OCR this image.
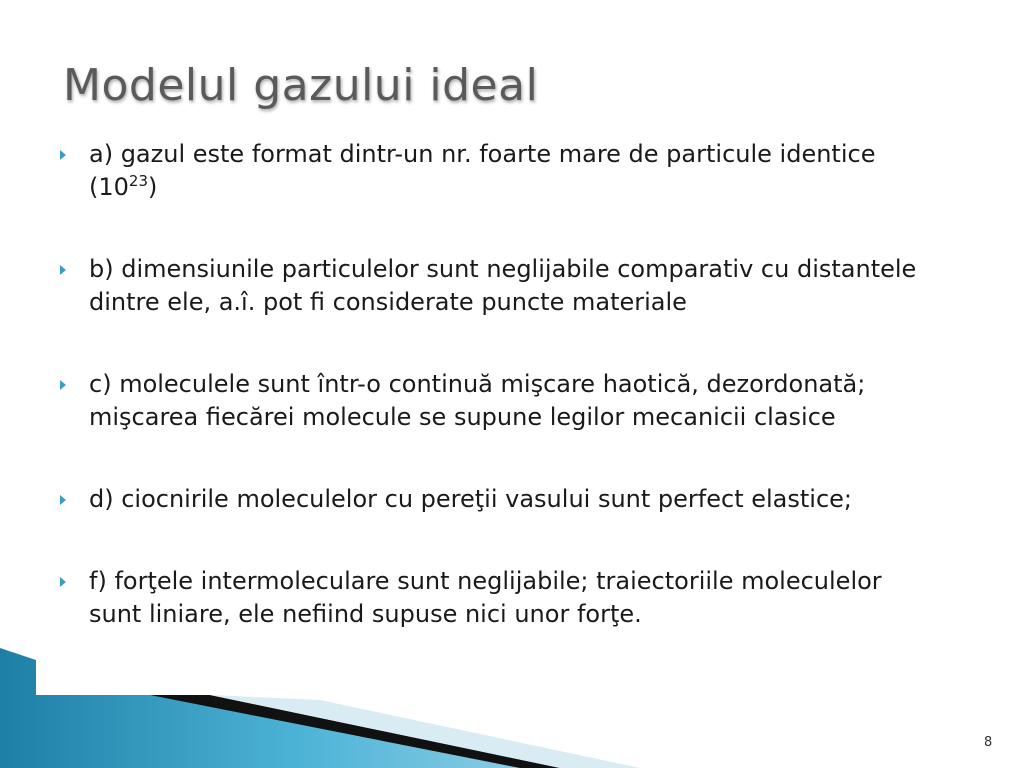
Modelul gazului ideal
a) gazul este format dintr-un nr. foarte mare de particule identice $(10^{23})$
b) dimensiunile particulelor sunt neglijabile comparativ cu distantele dintre ele, a.î. pot fi considerate puncte materiale
c) moleculele sunt într-o continuă mişcare haotică, dezordonată; mişcarea fiecărei molecule se supune legilor mecanicii clasice
d) ciocnirile moleculelor cu pereţii vasului sunt perfect elastice;
f) forţele intermoleculare sunt neglijabile; traiectoriile moleculelor sunt liniare, ele nefiind supuse nici unor forţe.
8
